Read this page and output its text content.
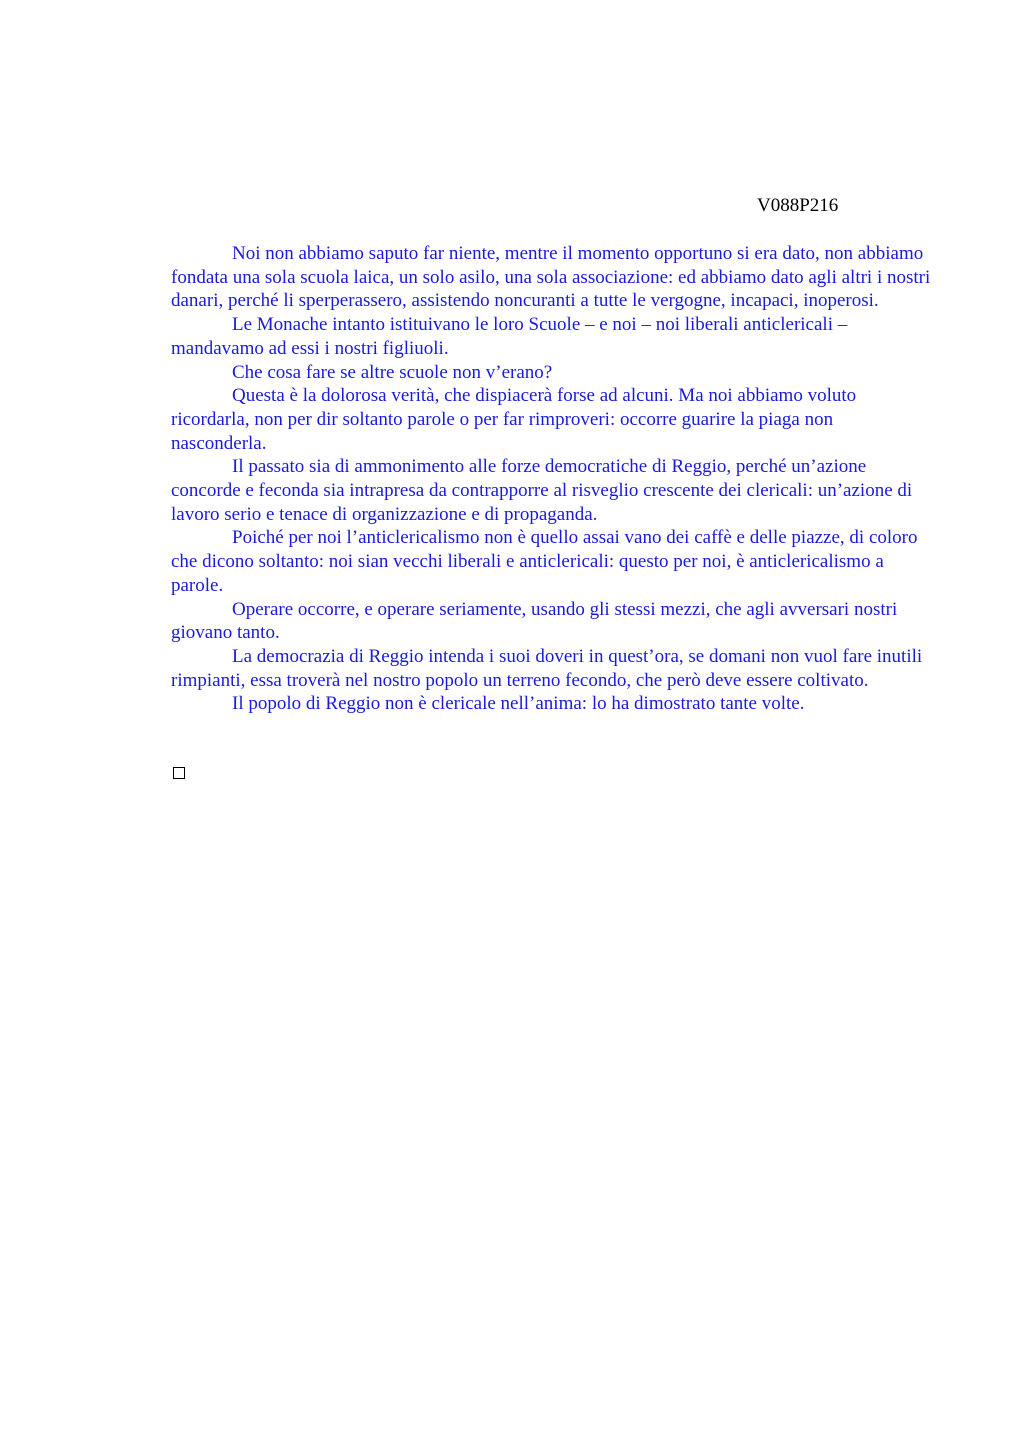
V088P216

Noi non abbiamo saputo far niente, mentre il momento opportuno si era dato, non abbiamo fondata una sola scuola laica, un solo asilo, una sola associazione: ed abbiamo dato agli altri i nostri danari, perché li sperperassero, assistendo noncuranti a tutte le vergogne, incapaci, inoperosi.

Le Monache intanto istituivano le loro Scuole – e noi – noi liberali anticlericali – mandavamo ad essi i nostri figliuoli.

Che cosa fare se altre scuole non v’erano?

Questa è la dolorosa verità, che dispiacerà forse ad alcuni. Ma noi abbiamo voluto ricordarla, non per dir soltanto parole o per far rimproveri: occorre guarire la piaga non nasconderla.

Il passato sia di ammonimento alle forze democratiche di Reggio, perché un’azione concorde e feconda sia intrapresa da contrapporre al risveglio crescente dei clericali: un’azione di lavoro serio e tenace di organizzazione e di propaganda.

Poiché per noi l’anticlericalismo non è quello assai vano dei caffè e delle piazze, di coloro che dicono soltanto: noi sian vecchi liberali e anticlericali: questo per noi, è anticlericalismo a parole.

Operare occorre, e operare seriamente, usando gli stessi mezzi, che agli avversari nostri giovano tanto.

La democrazia di Reggio intenda i suoi doveri in quest’ora, se domani non vuol fare inutili rimpianti, essa troverà nel nostro popolo un terreno fecondo, che però deve essere coltivato.

Il popolo di Reggio non è clericale nell’anima: lo ha dimostrato tante volte.
